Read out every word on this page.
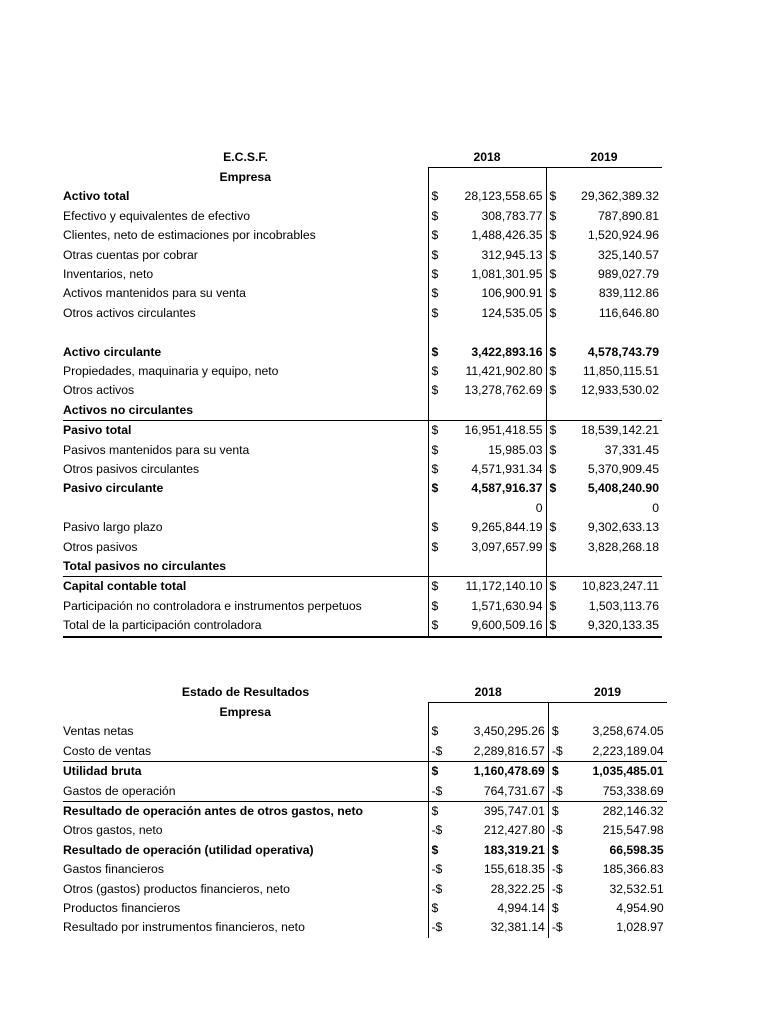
E.C.S.F.	2018		2019	
Empresa				
Activo total	$	28,123,558.65	$	29,362,389.32
Efectivo y equivalentes de efectivo	$	308,783.77	$	787,890.81
Clientes, neto de estimaciones por incobrables	$	1,488,426.35	$	1,520,924.96
Otras cuentas por cobrar	$	312,945.13	$	325,140.57
Inventarios, neto	$	1,081,301.95	$	989,027.79
Activos mantenidos para su venta	$	106,900.91	$	839,112.86
Otros activos circulantes	$	124,535.05	$	116,646.80

Activo circulante	$	3,422,893.16	$	4,578,743.79
Propiedades, maquinaria y equipo, neto	$	11,421,902.80	$	11,850,115.51
Otros activos	$	13,278,762.69	$	12,933,530.02
Activos no circulantes				
Pasivo total	$	16,951,418.55	$	18,539,142.21
Pasivos mantenidos para su venta	$	15,985.03	$	37,331.45
Otros pasivos circulantes	$	4,571,931.34	$	5,370,909.45
Pasivo circulante	$	4,587,916.37	$	5,408,240.90
		0		0
Pasivo largo plazo	$	9,265,844.19	$	9,302,633.13
Otros pasivos	$	3,097,657.99	$	3,828,268.18
Total pasivos no circulantes				
Capital contable total	$	11,172,140.10	$	10,823,247.11
Participación no controladora e instrumentos perpetuos	$	1,571,630.94	$	1,503,113.76
Total de la participación controladora	$	9,600,509.16	$	9,320,133.35
Estado de Resultados	2018		2019	
Empresa				
Ventas netas	$	3,450,295.26	$	3,258,674.05
Costo de ventas	-$	2,289,816.57	-$	2,223,189.04
Utilidad bruta	$	1,160,478.69	$	1,035,485.01
Gastos de operación	-$	764,731.67	-$	753,338.69
Resultado de operación antes de otros gastos, neto	$	395,747.01	$	282,146.32
Otros gastos, neto	-$	212,427.80	-$	215,547.98
Resultado de operación (utilidad operativa)	$	183,319.21	$	66,598.35
Gastos financieros	-$	155,618.35	-$	185,366.83
Otros (gastos) productos financieros, neto	-$	28,322.25	-$	32,532.51
Productos financieros	$	4,994.14	$	4,954.90
Resultado por instrumentos financieros, neto	-$	32,381.14	-$	1,028.97
